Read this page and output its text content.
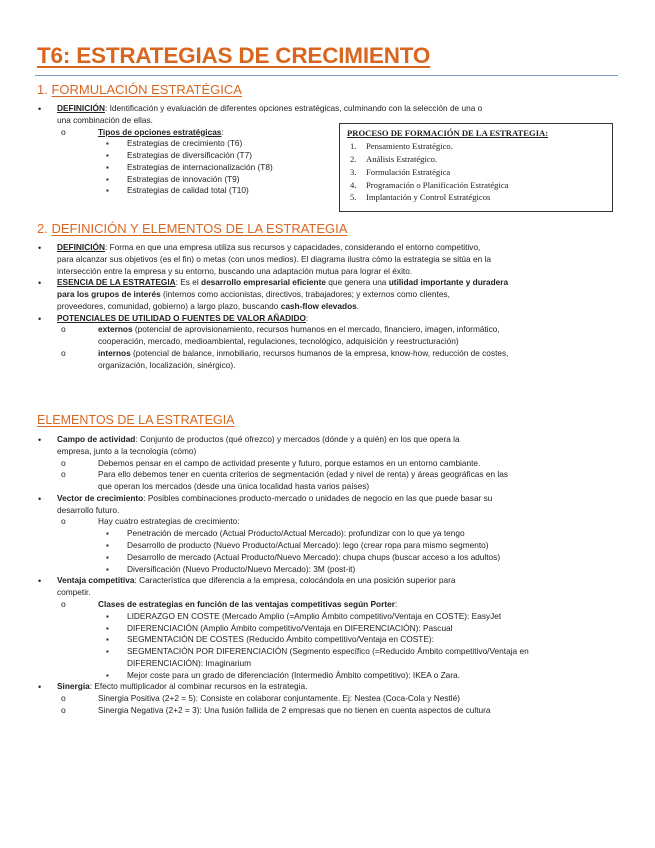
T6: ESTRATEGIAS DE CRECIMIENTO
1. FORMULACIÓN ESTRATÉGICA
• DEFINICIÓN: Identificación y evaluación de diferentes opciones estratégicas, culminando con la selección de una o
una combinación de ellas.
o Tipos de opciones estratégicas:
▪ Estrategias de crecimiento (T6)
▪ Estrategias de diversificación (T7)
▪ Estrategias de internacionalización (T8)
▪ Estrategias de innovación (T9)
▪ Estrategias de calidad total (T10)
PROCESO DE FORMACIÓN DE LA ESTRATEGIA:
1. Pensamiento Estratégico.
2. Análisis Estratégico.
3. Formulación Estratégica
4. Programación o Planificación Estratégica
5. Implantación y Control Estratégicos
2. DEFINICIÓN Y ELEMENTOS DE LA ESTRATEGIA
• DEFINICIÓN: Forma en que una empresa utiliza sus recursos y capacidades, considerando el entorno competitivo,
para alcanzar sus objetivos (es el fin) o metas (con unos medios). El diagrama ilustra cómo la estrategia se sitúa en la
intersección entre la empresa y su entorno, buscando una adaptación mutua para lograr el éxito.
• ESENCIA DE LA ESTRATEGIA: Es el desarrollo empresarial eficiente que genera una utilidad importante y duradera
para los grupos de interés (internos como accionistas, directivos, trabajadores; y externos como clientes,
proveedores, comunidad, gobierno) a largo plazo, buscando cash-flow elevados.
• POTENCIALES DE UTILIDAD O FUENTES DE VALOR AÑADIDO:
o externos (potencial de aprovisionamiento, recursos humanos en el mercado, financiero, imagen, informático,
cooperación, mercado, medioambiental, regulaciones, tecnológico, adquisición y reestructuración)
o internos (potencial de balance, inmobiliario, recursos humanos de la empresa, know-how, reducción de costes,
organización, localización, sinérgico).
ELEMENTOS DE LA ESTRATEGIA
• Campo de actividad: Conjunto de productos (qué ofrezco) y mercados (dónde y a quién) en los que opera la
empresa, junto a la tecnología (cómo)
o Debemos pensar en el campo de actividad presente y futuro, porque estamos en un entorno cambiante.
o Para ello debemos tener en cuenta criterios de segmentación (edad y nivel de renta) y áreas geográficas en las
que operan los mercados (desde una única localidad hasta varios países)
• Vector de crecimiento: Posibles combinaciones producto-mercado o unidades de negocio en las que puede basar su
desarrollo futuro.
o Hay cuatro estrategias de crecimiento:
▪ Penetración de mercado (Actual Producto/Actual Mercado): profundizar con lo que ya tengo
▪ Desarrollo de producto (Nuevo Producto/Actual Mercado): lego (crear ropa para mismo segmento)
▪ Desarrollo de mercado (Actual Producto/Nuevo Mercado): chupa chups (buscar acceso a los adultos)
▪ Diversificación (Nuevo Producto/Nuevo Mercado): 3M (post-it)
• Ventaja competitiva: Característica que diferencia a la empresa, colocándola en una posición superior para
competir.
o Clases de estrategias en función de las ventajas competitivas según Porter:
▪ LIDERAZGO EN COSTE (Mercado Amplio (=Amplio Ámbito competitivo/Ventaja en COSTE): EasyJet
▪ DIFERENCIACIÓN (Amplio Ámbito competitivo/Ventaja en DIFERENCIACIÓN): Pascual
▪ SEGMENTACIÓN DE COSTES (Reducido Ámbito competitivo/Ventaja en COSTE):
▪ SEGMENTACIÓN POR DIFERENCIACIÓN (Segmento específico (=Reducido Ámbito competitivo/Ventaja en
DIFERENCIACIÓN): Imaginarium
▪ Mejor coste para un grado de diferenciación (Intermedio Ámbito competitivo): IKEA o Zara.
• Sinergia: Efecto multiplicador al combinar recursos en la estrategia.
o Sinergia Positiva (2+2 = 5): Consiste en colaborar conjuntamente. Ej: Nestea (Coca-Cola y Nestlé)
o Sinergia Negativa (2+2 = 3): Una fusión fallida de 2 empresas que no tienen en cuenta aspectos de cultura
